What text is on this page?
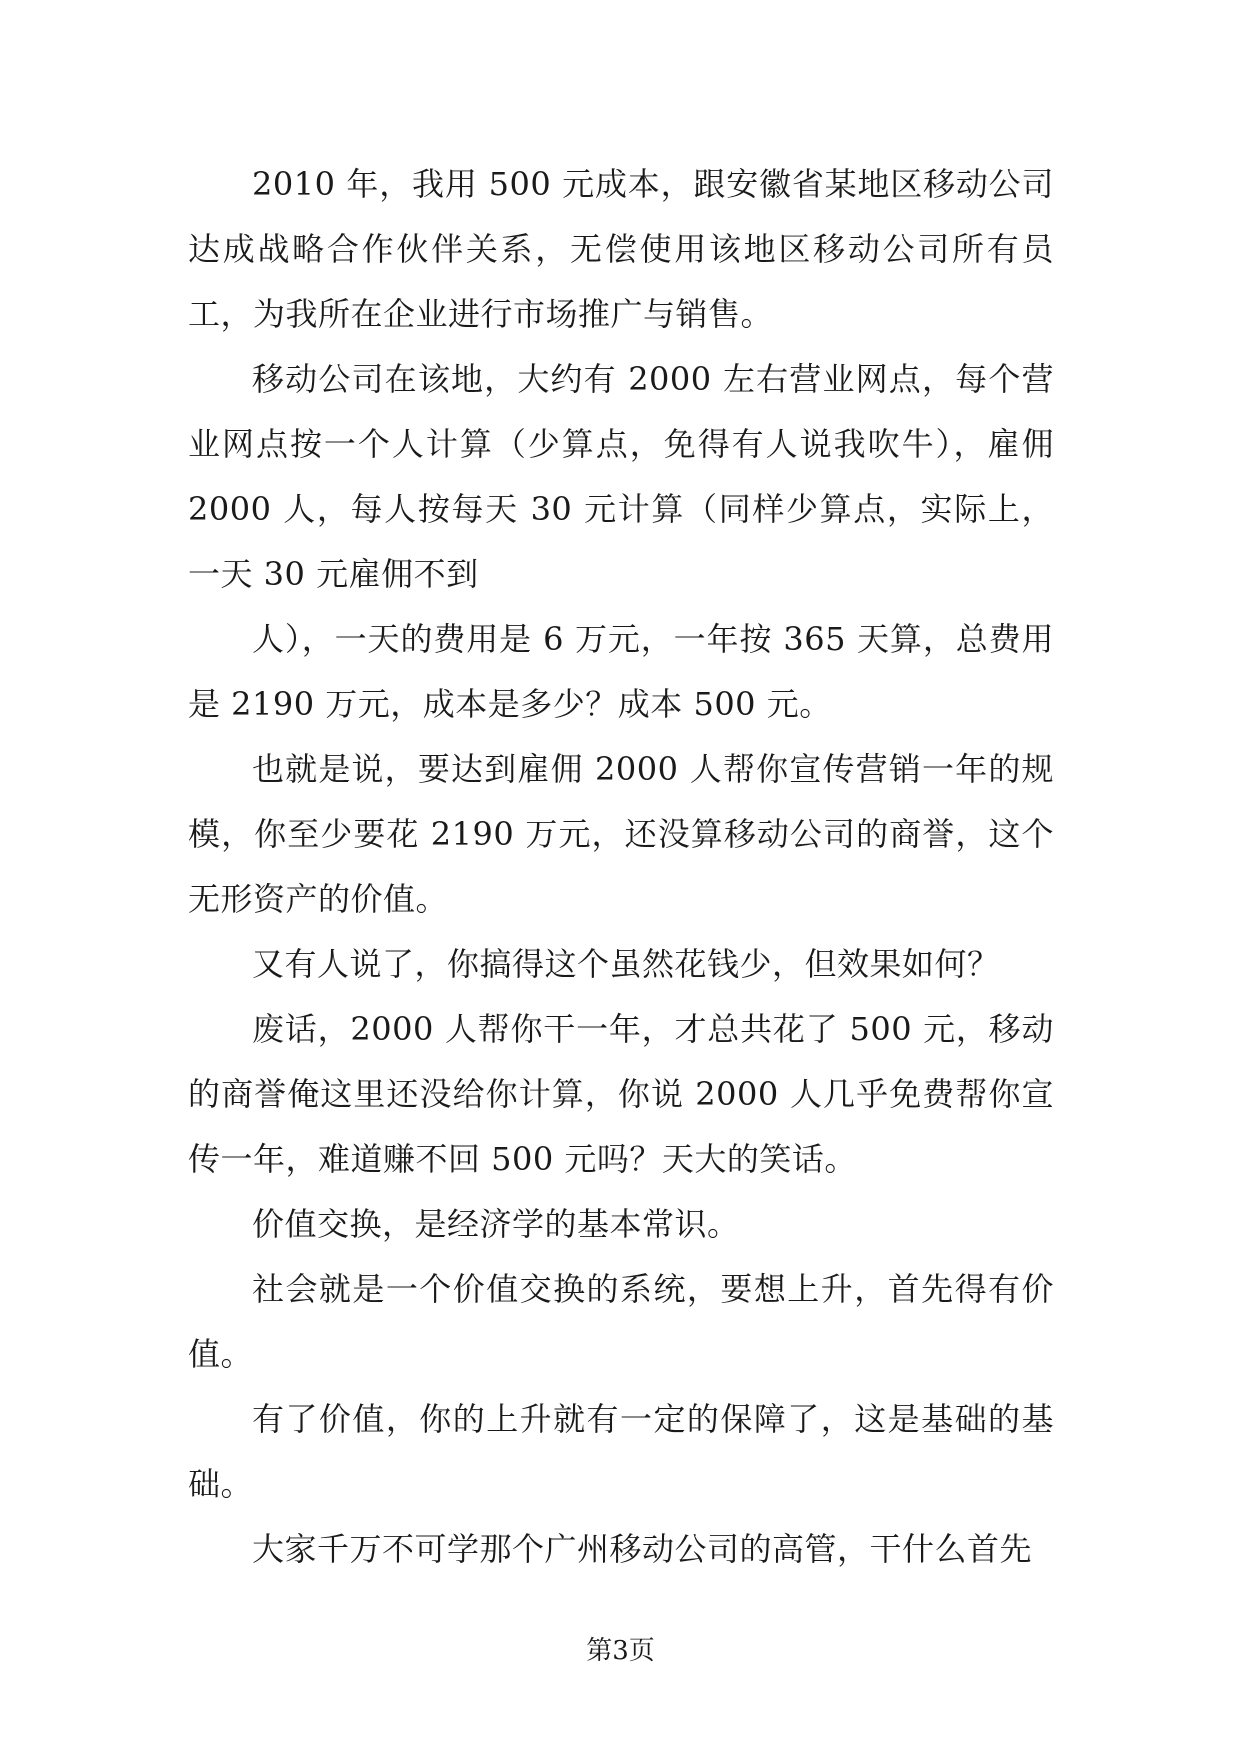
2010 年，我用 500 元成本，跟安徽省某地区移动公司达成战略合作伙伴关系，无偿使用该地区移动公司所有员工，为我所在企业进行市场推广与销售。

移动公司在该地，大约有 2000 左右营业网点，每个营业网点按一个人计算（少算点，免得有人说我吹牛），雇佣 2000 人，每人按每天 30 元计算（同样少算点，实际上，一天 30 元雇佣不到

人），一天的费用是 6 万元，一年按 365 天算，总费用是 2190 万元，成本是多少？成本 500 元。

也就是说，要达到雇佣 2000 人帮你宣传营销一年的规模，你至少要花 2190 万元，还没算移动公司的商誉，这个无形资产的价值。

又有人说了，你搞得这个虽然花钱少，但效果如何？

废话，2000 人帮你干一年，才总共花了 500 元，移动的商誉俺这里还没给你计算，你说 2000 人几乎免费帮你宣传一年，难道赚不回 500 元吗？天大的笑话。

价值交换，是经济学的基本常识。

社会就是一个价值交换的系统，要想上升，首先得有价值。

有了价值，你的上升就有一定的保障了，这是基础的基础。

大家千万不可学那个广州移动公司的高管，干什么首先

第3页
